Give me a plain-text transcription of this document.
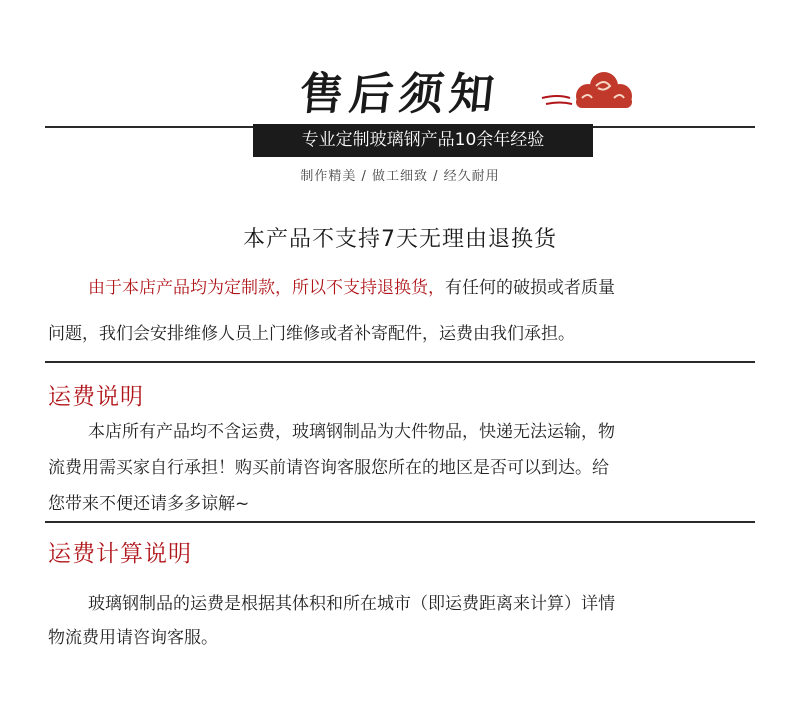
售后须知
专业定制玻璃钢产品10余年经验
制作精美 / 做工细致 / 经久耐用
本产品不支持7天无理由退换货
由于本店产品均为定制款，所以不支持退换货，有任何的破损或者质量
问题，我们会安排维修人员上门维修或者补寄配件，运费由我们承担。
运费说明
本店所有产品均不含运费，玻璃钢制品为大件物品，快递无法运输，物
流费用需买家自行承担！购买前请咨询客服您所在的地区是否可以到达。给
您带来不便还请多多谅解~
运费计算说明
玻璃钢制品的运费是根据其体积和所在城市（即运费距离来计算）详情
物流费用请咨询客服。
